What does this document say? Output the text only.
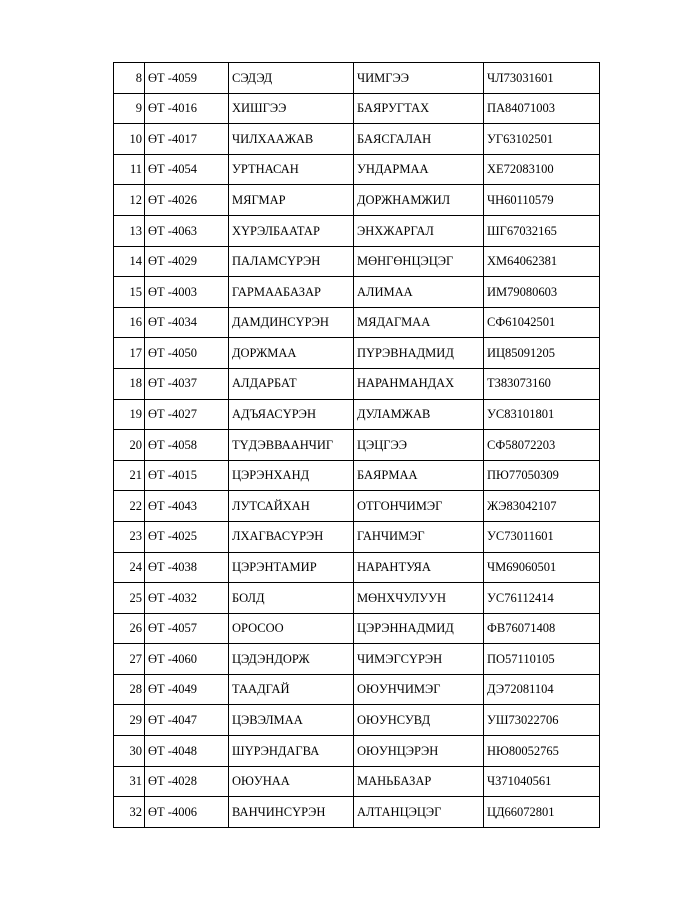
8	ӨТ -4059	СЭДЭД	ЧИМГЭЭ	ЧЛ73031601
9	ӨТ -4016	ХИШГЭЭ	БАЯРУГТАХ	ПА84071003
10	ӨТ -4017	ЧИЛХААЖАВ	БАЯСГАЛАН	УГ63102501
11	ӨТ -4054	УРТНАСАН	УНДАРМАА	ХЕ72083100
12	ӨТ -4026	МЯГМАР	ДОРЖНАМЖИЛ	ЧН60110579
13	ӨТ -4063	ХҮРЭЛБААТАР	ЭНХЖАРГАЛ	ШГ67032165
14	ӨТ -4029	ПАЛАМСҮРЭН	МӨНГӨНЦЭЦЭГ	ХМ64062381
15	ӨТ -4003	ГАРМААБАЗАР	АЛИМАА	ИМ79080603
16	ӨТ -4034	ДАМДИНСҮРЭН	МЯДАГМАА	СФ61042501
17	ӨТ -4050	ДОРЖМАА	ПҮРЭВНАДМИД	ИЦ85091205
18	ӨТ -4037	АЛДАРБАТ	НАРАНМАНДАХ	ТЗ83073160
19	ӨТ -4027	АДЪЯАСҮРЭН	ДУЛАМЖАВ	УС83101801
20	ӨТ -4058	ТҮДЭВВААНЧИГ	ЦЭЦГЭЭ	СФ58072203
21	ӨТ -4015	ЦЭРЭНХАНД	БАЯРМАА	ПЮ77050309
22	ӨТ -4043	ЛУТСАЙХАН	ОТГОНЧИМЭГ	ЖЭ83042107
23	ӨТ -4025	ЛХАГВАСҮРЭН	ГАНЧИМЭГ	УС73011601
24	ӨТ -4038	ЦЭРЭНТАМИР	НАРАНТУЯА	ЧМ69060501
25	ӨТ -4032	БОЛД	МӨНХЧУЛУУН	УС76112414
26	ӨТ -4057	ОРОСОО	ЦЭРЭННАДМИД	ФВ76071408
27	ӨТ -4060	ЦЭДЭНДОРЖ	ЧИМЭГСҮРЭН	ПО57110105
28	ӨТ -4049	ТААДГАЙ	ОЮУНЧИМЭГ	ДЭ72081104
29	ӨТ -4047	ЦЭВЭЛМАА	ОЮУНСУВД	УШ73022706
30	ӨТ -4048	ШҮРЭНДАГВА	ОЮУНЦЭРЭН	НЮ80052765
31	ӨТ -4028	ОЮУНАА	МАНЬБАЗАР	ЧЗ71040561
32	ӨТ -4006	ВАНЧИНСҮРЭН	АЛТАНЦЭЦЭГ	ЦД66072801
